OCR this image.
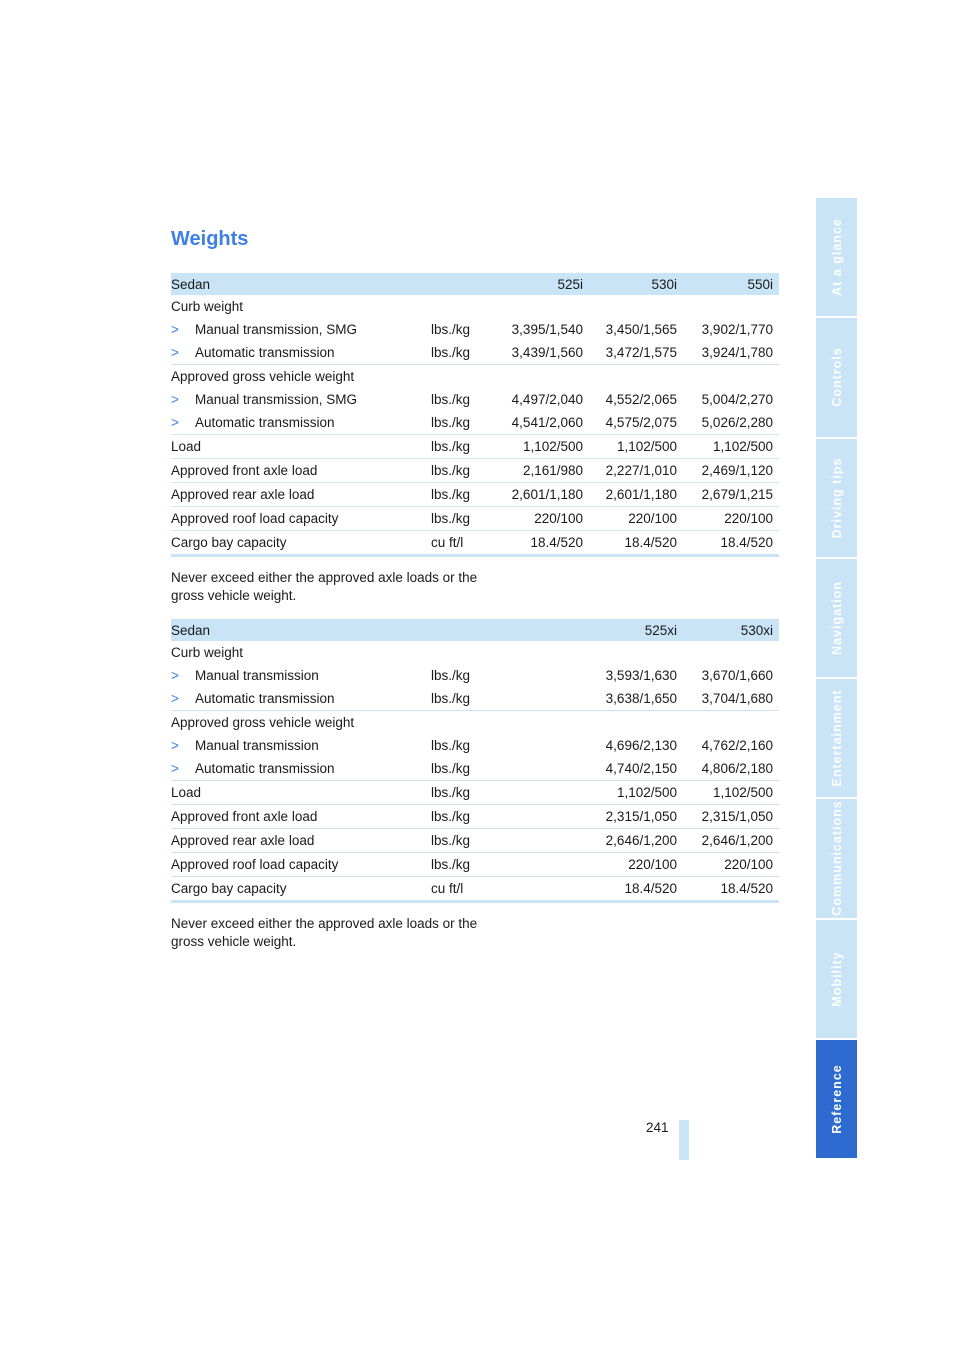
Weights
Sedan		525i	530i	550i
Curb weight				
> Manual transmission, SMG	lbs./kg	3,395/1,540	3,450/1,565	3,902/1,770
> Automatic transmission	lbs./kg	3,439/1,560	3,472/1,575	3,924/1,780
Approved gross vehicle weight				
> Manual transmission, SMG	lbs./kg	4,497/2,040	4,552/2,065	5,004/2,270
> Automatic transmission	lbs./kg	4,541/2,060	4,575/2,075	5,026/2,280
Load	lbs./kg	1,102/500	1,102/500	1,102/500
Approved front axle load	lbs./kg	2,161/980	2,227/1,010	2,469/1,120
Approved rear axle load	lbs./kg	2,601/1,180	2,601/1,180	2,679/1,215
Approved roof load capacity	lbs./kg	220/100	220/100	220/100
Cargo bay capacity	cu ft/l	18.4/520	18.4/520	18.4/520

Never exceed either the approved axle loads or the gross vehicle weight.

Sedan			525xi	530xi
Curb weight				
> Manual transmission	lbs./kg		3,593/1,630	3,670/1,660
> Automatic transmission	lbs./kg		3,638/1,650	3,704/1,680
Approved gross vehicle weight				
> Manual transmission	lbs./kg		4,696/2,130	4,762/2,160
> Automatic transmission	lbs./kg		4,740/2,150	4,806/2,180
Load	lbs./kg		1,102/500	1,102/500
Approved front axle load	lbs./kg		2,315/1,050	2,315/1,050
Approved rear axle load	lbs./kg		2,646/1,200	2,646/1,200
Approved roof load capacity	lbs./kg		220/100	220/100
Cargo bay capacity	cu ft/l		18.4/520	18.4/520

Never exceed either the approved axle loads or the gross vehicle weight.

241
At a glance
Controls
Driving tips
Navigation
Entertainment
Communications
Mobility
Reference
